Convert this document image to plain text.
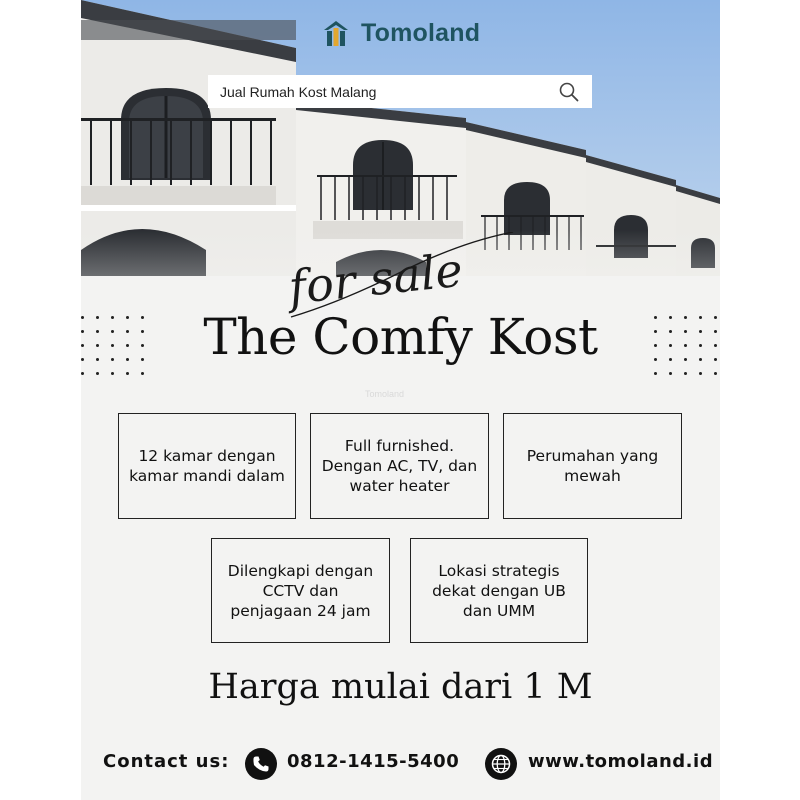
Tomoland
Jual Rumah Kost Malang
for sale
The Comfy Kost
Tomoland
12 kamar dengan kamar mandi dalam
Full furnished. Dengan AC, TV, dan water heater
Perumahan yang mewah
Dilengkapi dengan CCTV dan penjagaan 24 jam
Lokasi strategis dekat dengan UB dan UMM
Harga mulai dari 1 M
Contact us:	0812-1415-5400	www.tomoland.id
